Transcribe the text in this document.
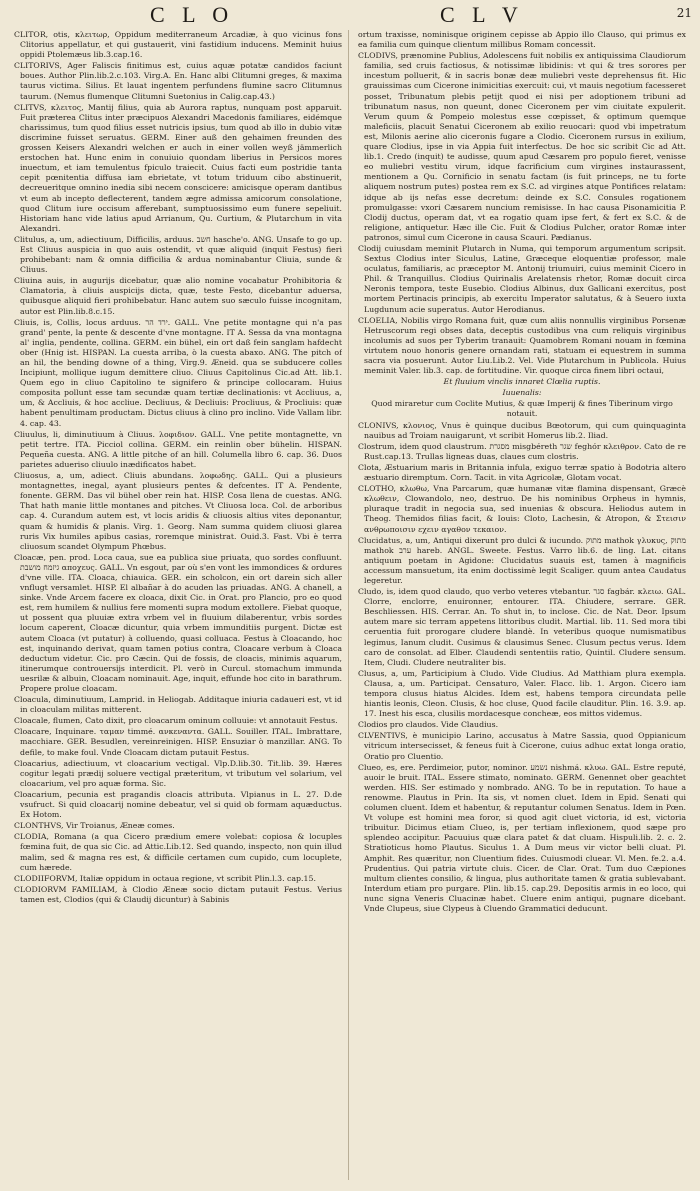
C L O	C L V	21

CLITOR, otis, κλειτωρ, Oppidum mediterraneum Arcadiæ, à quo vicinus fons Clitorius appellatur, et qui gustauerit, vini fastidium inducens. Meminit huius oppidi Ptolemæus lib.3.cap.16.

CLITORIVS, Ager Faliscis finitimus est, cuius aquæ potatæ candidos faciunt boues. Author Plin.lib.2.c.103. Virg.A. En. Hanc albi Clitumni greges, & maxima taurus victima. Silius. Et lauat ingentem perfundens flumine sacro Clitumnus taurum. (Nemus flumenque Clitumni Suetonius in Calig.cap.43.)

CLITVS, κλειτος, Mantij filius, quia ab Aurora raptus, nunquam post apparuit. Fuit præterea Clitus inter præcipuos Alexandri Macedonis familiares, eidémque charissimus, tum quod filius esset nutricis ipsius, tum quod ab illo in dubio vitæ discrimine fuisset seruatus. GERM. Einer auß den gehaimen freunden des grossen Keisers Alexandri welchen er auch in einer vollen weyß jämmerlich erstochen hat. Hunc enim in conuiuio quondam liberius in Persicos mores inuectum, et iam temulentus fpiculo traiecit. Cuius facti eum postridie tanta cepit pœnitentia diffusa iam ebrietate, vt totum triduum cibo abstinuerit, decreueritque omnino inedia sibi necem conscicere: amicisque operam dantibus vt eum ab incepto deflecterent, tandem ægre admissa amicorum consolatione, quod Clitum iure occisum afferebant, sumptuosissimo eum funere sepeliuit. Historiam hanc vide latius apud Arrianum, Qu. Curtium, & Plutarchum in vita Alexandri.

Clitulus, a, um, adiectiuum, Difficilis, arduus. חשב hasche'o. ANG. Unsafe to go up. Est Cliuus auspicia in quo auis ostendit, vt quæ aliquid (inquit Festus) fieri prohibebant: nam & omnia difficilia & ardua nominabantur Cliuia, sunde & Cliuus.

Cliuina auis, in augurijs dicebatur, quæ alio nomine vocabatur Prohibitoria & Clamatoria, à cliuis auspicijs dicta, quæ, teste Festo, dicebantur aduersa, quibusque aliquid fieri prohibebatur. Hanc autem suo sæculo fuisse incognitam, autor est Plin.lib.8.c.15.

Cliuis, is, Collis, locus arduus. ירד הר. GALL. Vne petite montagne qui n'a pas grand' pente, la pente & descente d'vne montagne. IT A. Sessa da vna montagna al' inglia, pendente, collina. GERM. ein bühel, ein ort daß fein sanglam hafdecht ober (Hnig ist. HISPAN. La cuesta arriba, ò la cuesta abaxo. ANG. The pitch of an hil, the bending downe of a thing, Virg.9. Æneid. qua se subducere colles Incipiunt, mollique iugum demittere cliuo. Cliuus Capitolinus Cic.ad Att. lib.1. Quem ego in cliuo Capitolino te signifero & principe collocaram. Huius composita pollunt esse tam secundæ quam tertiæ declinationis: vt Accliuus, a, um, & Accliuis, & hoc accliue. Decliuus, & Decliuis: Procliuus, & Procliuis: quæ habent penultimam productam. Dictus cliuus à clino pro inclino. Vide Vallam libr. 4. cap. 43.

Cliuulus, li, diminutiuum à Cliuus. λοφιδιον. GALL. Vne petite montagnette, vn petit tertre. ITA. Picciol collina. GERM. ein reinlin ober bühelin. HISPAN. Pequeña cuesta. ANG. A little pitche of an hill. Columella libro 6. cap. 36. Duos parietes adueriso cliuulo inædificatos habet.

Cliuosus, a, um, adiect. Cliuis abundans. λοφωδης. GALL. Qui a plusieurs montagnettes, inegal, ayant plusieurs pentes & defcentes. IT A. Pendente, fonente. GERM. Das vil bühel ober rein hat. HISP. Cosa llena de cuestas. ANG. That hath manie little montanes and pitches. Vt Cliuosa loca. Col. de arboribus cap. 4. Curandum autem est, vt locis aridis & cliuosis altius vites deponantur, quam & humidis & planis. Virg. 1. Georg. Nam summa quidem cliuosi glarea ruris Vix humiles apibus casias, roremque ministrat. Ouid.3. Fast. Vbi è terra cliuosum scandet Olympum Phœbus.

Cloacæ, pen. prod. Loca caua, sue ea publica siue priuata, quo sordes confluunt. גיזמח מושבת αποχευς. GALL. Vn esgout, par où s'en vont les immondices & ordures d'vne ville. ITA. Cloaca, chiauica. GER. ein scholcon, ein ort darein sich aller vnflugt versamlet. HISP. El albañar à do acuden las priuadas. ANG. A chanell, a sinke. Vnde Arcem facere ex cloaca, dixit Cic. in Orat. pro Plancio, pro eo quod est, rem humilem & nullius fere momenti supra modum extollere. Fiebat quoque, ut possent qua pluuiæ extra vrbem vel in fluuium dilaberentur, vrbis sordes locum caperent, Cloacæ dicuntur, quia vrbem immunditiis purgent. Dictæ est autem Cloaca (vt putatur) à colluendo, quasi colluaca. Festus à Cloacando, hoc est, inquinando derivat, quam tamen potius contra, Cloacare verbum à Cloaca deductum videtur. Cic. pro Cæcin. Qui de fossis, de cloacis, minimis aquarum, itinerumque controuersijs interdicit. Pl. verò in Curcul. stomachum immunda uesrilæ & albuin, Cloacam nominauit. Age, inquit, effunde hoc cito in barathrum. Propere prolue cloacam.

Cloacula, diminutiuum, Lamprid. in Heliogab. Additaque iniuria cadaueri est, vt id in cloaculam militas mitterent.

Cloacale, flumen, Cato dixit, pro cloacarum ominum colluuie: vt annotauit Festus.

Cloacare, Inquinare. ταμαν timmé. ανκεναντα. GALL. Souiller. ITAL. Imbrattare, macchiare. GER. Besudlen, vereinreinigen. HISP. Ensuziar ò manzillar. ANG. To defile, to make foul. Vnde Cloacam dictam putauit Festus.

Cloacarius, adiectiuum, vt cloacarium vectigal. Vlp.D.lib.30. Tit.lib. 39. Hæres cogitur legati prædij soluere vectigal præteritum, vt tributum vel solarium, vel cloacarium, vel pro aquæ forma. Sic.

Cloacarium, pecunia est pragandis cloacis attributa. Vlpianus in L. 27. D.de vsufruct. Si quid cloacarij nomine debeatur, vel si quid ob formam aquæductus. Ex Hotom.

CLONTHVS, Vir Troianus, Æneæ comes.

CLODIA, Romana (a qua Cicero prædium emere volebat: copiosa & locuples fœmina fuit, de qua sic Cic. ad Attic.Lib.12. Sed quando, inspecto, non quin illud malim, sed & magna res est, & difficile certamen cum cupido, cum locuplete, cum hærede.

CLODIIFORVM, Italiæ oppidum in octaua regione, vt scribit Plin.l.3. cap.15.

CLODIORVM FAMILIAM, à Clodio Æneæ socio dictam putauit Festus. Verius tamen est, Clodios (qui & Claudij dicuntur) à Sabinis

ortum traxisse, nominisque originem cepisse ab Appio illo Clauso, qui primus ex ea familia cum quinque clientum millibus Romam concessit.

CLODIVS, prænomine Publius, Adolescens fuit nobilis ex antiquissima Claudiorum familia, sed cruis factiosus, & notissimæ libidinis: vt qui & tres sorores per incestum polluerit, & in sacris bonæ deæ muliebri veste deprehensus fit. Hic grauissimas cum Cicerone inimicitias exercuit: cui, vt mauis negotium facesseret posset, Tribunatum plebis petijt quod ei nisi per adoptionem tribuni ad tribunatum nasus, non queunt, donec Ciceronem per vim ciuitate expulerit. Verum quum & Pompeio molestus esse cœpisset, & optimum quemque maleficiis, placuit Senatui Ciceronem ab exilio reuocari: quod vbi impetratum est, Milonis aerine alio ciceronis fugare a Clodio. Ciceronem rursus in exilium, quare Clodius, ipse in via Appia fuit interfectus. De hoc sic scribit Cic ad Att. lib.1. Credo (inquit) te audisse, quum apud Cæsarem pro populo fieret, venisse eo muliebri vestitu virum, idque facrificium cum virgines instaurassent, mentionem a Qu. Cornificio in senatu factam (is fuit princeps, ne tu forte aliquem nostrum putes) postea rem ex S.C. ad virgines atque Pontifices relatam: idque ab ijs nefas esse decretum: deinde ex S.C. Consules rogationem promulgasse: vxori Cæsarem nuncium remisisse. In hac causa Pisonamicitia P. Clodij ductus, operam dat, vt ea rogatio quam ipse fert, & fert ex S.C. & de religione, antiquetur. Hæc ille Cic. Fuit & Clodius Pulcher, orator Romæ inter patronos, simul cum Cicerone in causa Scauri. Pædianus.

Clodij cuiusdam meminit Plutarch in Numa, qui temporum argumentum scripsit. Sextus Clodius inter Siculus, Latine, Græceque eloquentiæ professor, male oculatus, familiaris, ac præceptor M. Antonij triumuiri, cuius meminit Cicero in Phil. & Tranquillus. Clodius Quirinalis Arelatensis rhetor, Romæ docuit circa Neronis tempora, teste Eusebio. Clodius Albinus, dux Gallicani exercitus, post mortem Pertinacis principis, ab exercitu Imperator salutatus, & à Seuero iuxta Lugdunum acie superatus. Autor Herodianus.

CLOELIA, Nobilis virgo Romana fuit, quæ cum aliis nonnullis virginibus Porsenæ Hetruscorum regi obses data, deceptis custodibus vna cum reliquis virginibus incolumis ad suos per Tyberim tranauit: Quamobrem Romani nouam in fœmina virtutem nouo honoris genere ornandam rati, statuam ei equestrem in summa sacra via posuerunt. Autor Liu.Lib.2. Vel. Vide Plutarchum in Publicola. Huius meminit Valer. lib.3. cap. de fortitudine. Vir. quoque circa finem libri octaui,

Et fluuium vinclis innaret Clœlia ruptis.

Iuuenalis:

Quod miraretur cum Coclite Mutius, & quæ Imperij & fines Tiberinum virgo notauit.

CLONIVS, κλονιος, Vnus è quinque ducibus Bœotorum, qui cum quinquaginta nauibus ad Troiam nauigarunt, vt scribit Homerus lib.2. Iliad.

Clostrum, idem quod claustrum. מסגרת misgbéreth שגר feghór κλειθρον. Cato de re Rust.cap.13. Trullas ligneas duas, claues cum clostris.

Clota, Æstuarium maris in Britannia infula, exiguo terræ spatio à Bodotria altero æstuario diremptum. Corn. Tacit. in vita Agricolæ, Glotam vocat.

CLOTHO, κλωθω, Vna Parcarum, quæ humanæ vitæ flamina dispensant, Græcè κλωθειν, Clowandolo, neo, destruo. De his nominibus Orpheus in hymnis, pluraque tradit in negocia sua, sed inuenias & obscura. Heliodus autem in Theog. Themidos filias facit, & Iouis: Cloto, Lachesin, & Atropon, & Στεισιν ανθρωποισιν εχειν αγαθον τεκαιον.

Clucidatus, a, um, Antiqui dixerunt pro dulci & iucundo. מתוק mathok γλυκυς, מתוק mathok ערב hareb. ANGL. Sweete. Festus. Varro lib.6. de ling. Lat. citans antiquum poetam in Agidone: Clucidatus suauis est, tamen à magnificis accessum mansuetum, ita enim doctissimè legit Scaliger. quum antea Caudatus legeretur.

Cludo, is, idem quod claudo, quo verbo veteres vtebantur. סגר fagbár. κλειω. GAL. Clorre, enclorre, enuironner, entourer. ITA. Chiudere, serrare. GER. Beschliessen. HIS. Cerrar. An. To shut in, to inclose. Cic. de Nat. Deor. Ipsum autem mare sic terram appetens littoribus cludit. Martial. lib. 11. Sed mora tibi ceruentia fuit prorogare cludere blandè. In veteribus quoque numismatibus legimus, Ianum cludit. Cusimus & clausimus Senec. Clusum pectus verus. Idem caro de consolat. ad Elber. Claudendi sententiis ratio, Quintil. Cludere sensum. Item, Cludi. Cludere neutraliter bis.

Clusus, a, um, Participium à Cludo. Vide Cludius. Ad Matthiam plura exempla. Clausa, a, um. Participat. Censaturo, Valer. Flacc. lib. 1. Argon. Cicero iam tempora clusus hiatus Alcides. Idem est, habens tempora circundata pelle hiantis leonis, Cleon. Clusis, & hoc cluse, Quod facile clauditur. Plin. 16. 3.9. ap. 17. Inest his esca, clusilis mordacesque concheæ, eos mittos videmus.

Clodios pro claudos. Vide Claudius.

CLVENTIVS, è municipio Larino, accusatus à Matre Sassia, quod Oppianicum vitricum intersecisset, & feneus fuit à Cicerone, cuius adhuc extat longa oratio, Oratio pro Cluentio.

Clueo, es, ere. Perdimeior, putor, nominor. נשמע nishmá. κλυω. GAL. Estre reputé, auoir le bruit. ITAL. Essere stimato, nominato. GERM. Genennet ober geachtet werden. HIS. Ser estimado y nombrado. ANG. To be in reputation. To haue a renowme. Plautus in Prin. Ita sis, vt nomen cluet. Idem in Epid. Senati qui columen cluent. Idem et habentur, & reputantur columen Senatus. Idem in Pœn. Vt volupe est homini mea foror, si quod agit cluet victoria, id est, victoria tribuitur. Dicimus etiam Clueo, is, per tertiam inflexionem, quod sæpe pro splendeo accipitur. Pacuuius quæ clara patet & dat cluam. Hispuli.lib. 2. c. 2. Stratioticus homo Plautus. Siculus 1. A Dum meus vir victor belli cluat. Pl. Amphit. Res quæritur, non Cluentium fides. Cuiusmodi cluear. Vl. Men. fe.2. a.4. Prudentius. Qui patria virtute cluis. Cicer. de Clar. Orat. Tum duo Cæpiones multum clientes consilio, & lingua, plus authoritate tamen & gratia sublevabant. Interdum etiam pro purgare. Plin. lib.15. cap.29. Depositis armis in eo loco, qui nunc signa Veneris Cluacinæ habet. Cluere enim antiqui, pugnare dicebant. Vnde Clupeus, siue Clypeus à Cluendo Grammatici deducunt.
